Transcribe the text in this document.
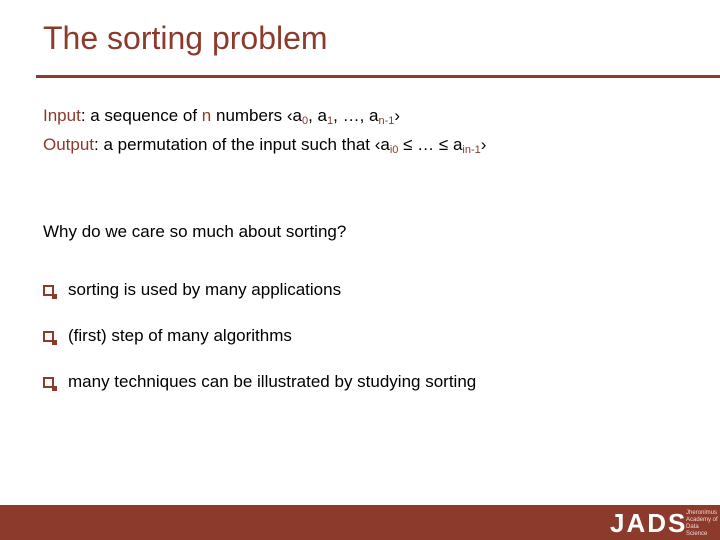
The sorting problem
Input: a sequence of n numbers $‹a_0$, $a_1$, …, $a_{n-1}›$
Output: a permutation of the input such that $‹a_{i0}$ ≤ … ≤ $a_{in-1}›$
Why do we care so much about sorting?
sorting is used by many applications
(first) step of many algorithms
many techniques can be illustrated by studying sorting
JADS
Jheronimus Academy of Data Science
